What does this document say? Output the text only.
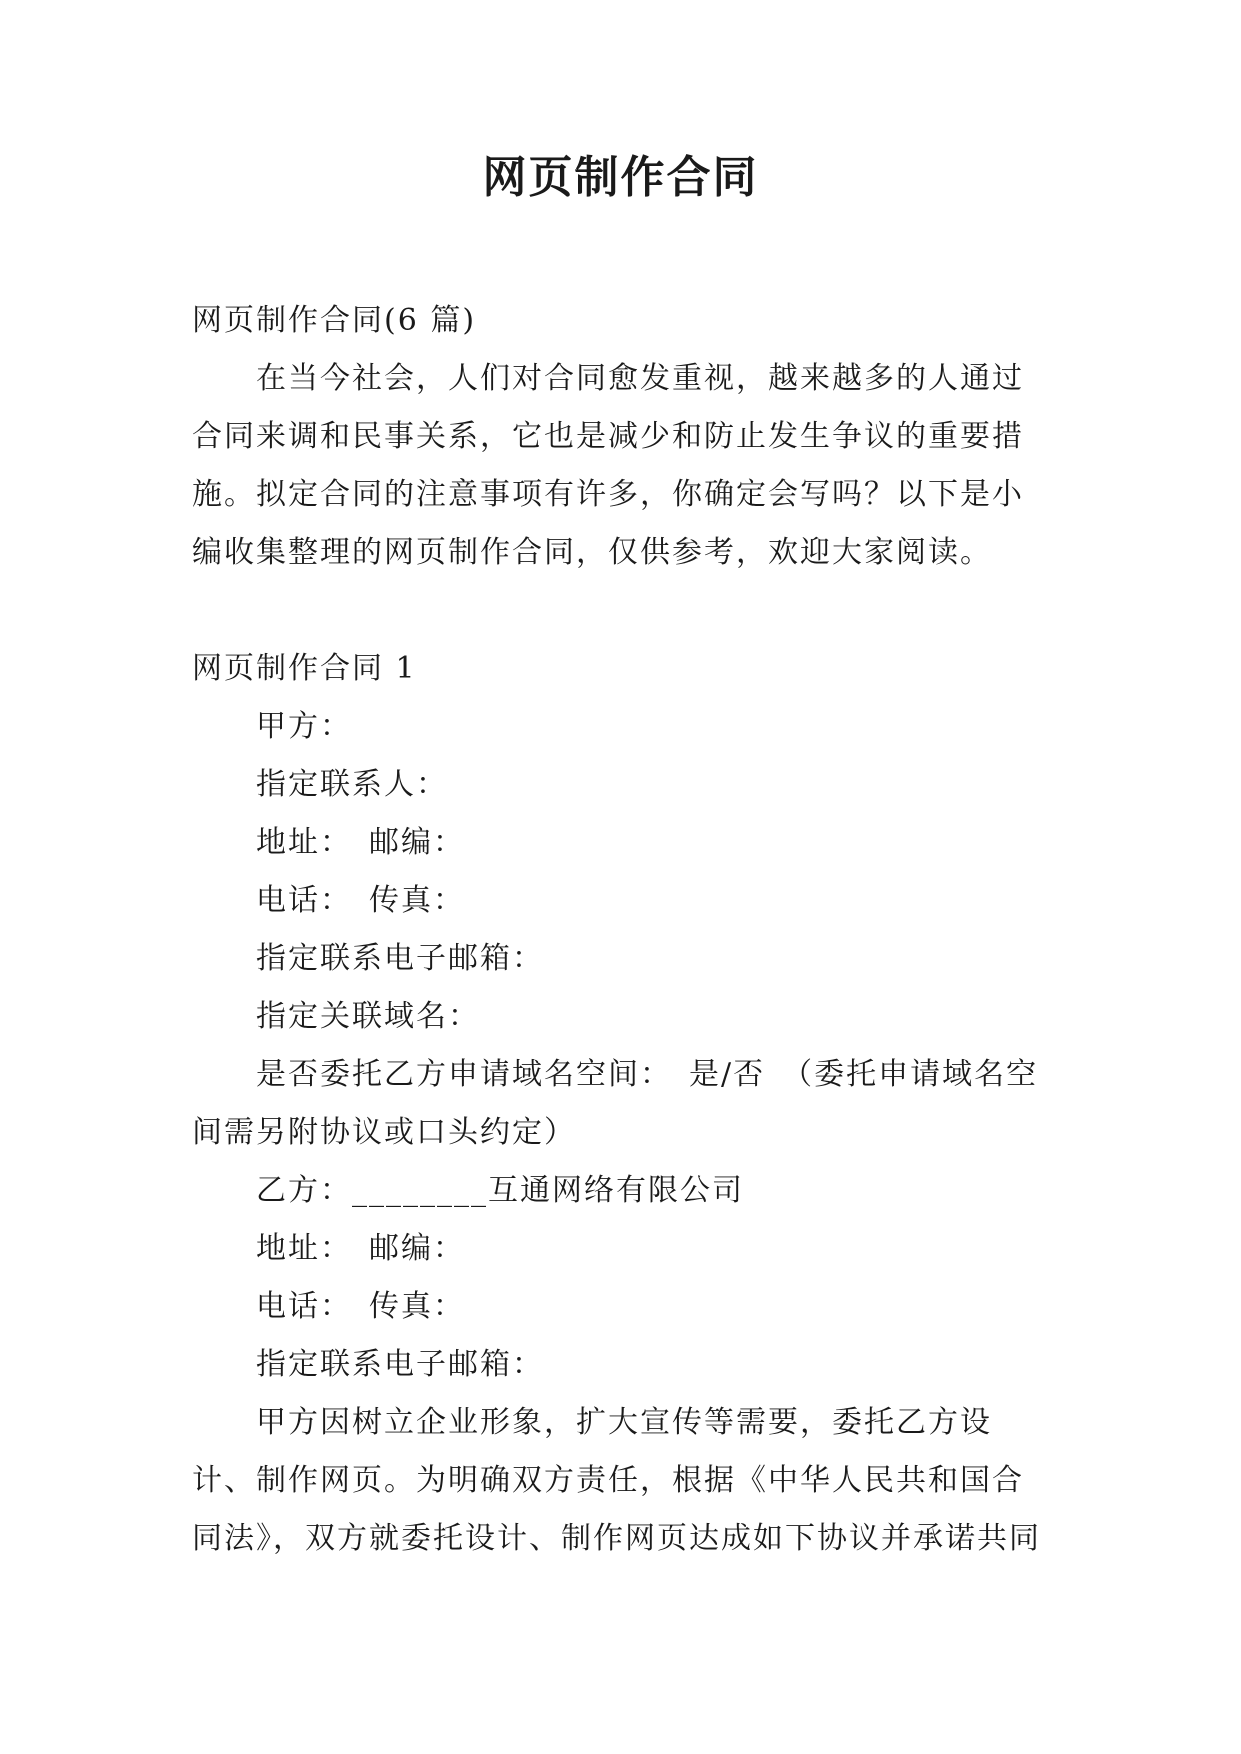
网页制作合同

网页制作合同(6 篇)

在当今社会，人们对合同愈发重视，越来越多的人通过合同来调和民事关系，它也是减少和防止发生争议的重要措施。拟定合同的注意事项有许多，你确定会写吗？以下是小编收集整理的网页制作合同，仅供参考，欢迎大家阅读。

网页制作合同 1

甲方：

指定联系人：

地址：　邮编：

电话：　传真：

指定联系电子邮箱：

指定关联域名：

是否委托乙方申请域名空间：　是/否　（委托申请域名空间需另附协议或口头约定）

乙方：________互通网络有限公司

地址：　邮编：

电话：　传真：

指定联系电子邮箱：

甲方因树立企业形象，扩大宣传等需要，委托乙方设计、制作网页。为明确双方责任，根据《中华人民共和国合同法》，双方就委托设计、制作网页达成如下协议并承诺共同
